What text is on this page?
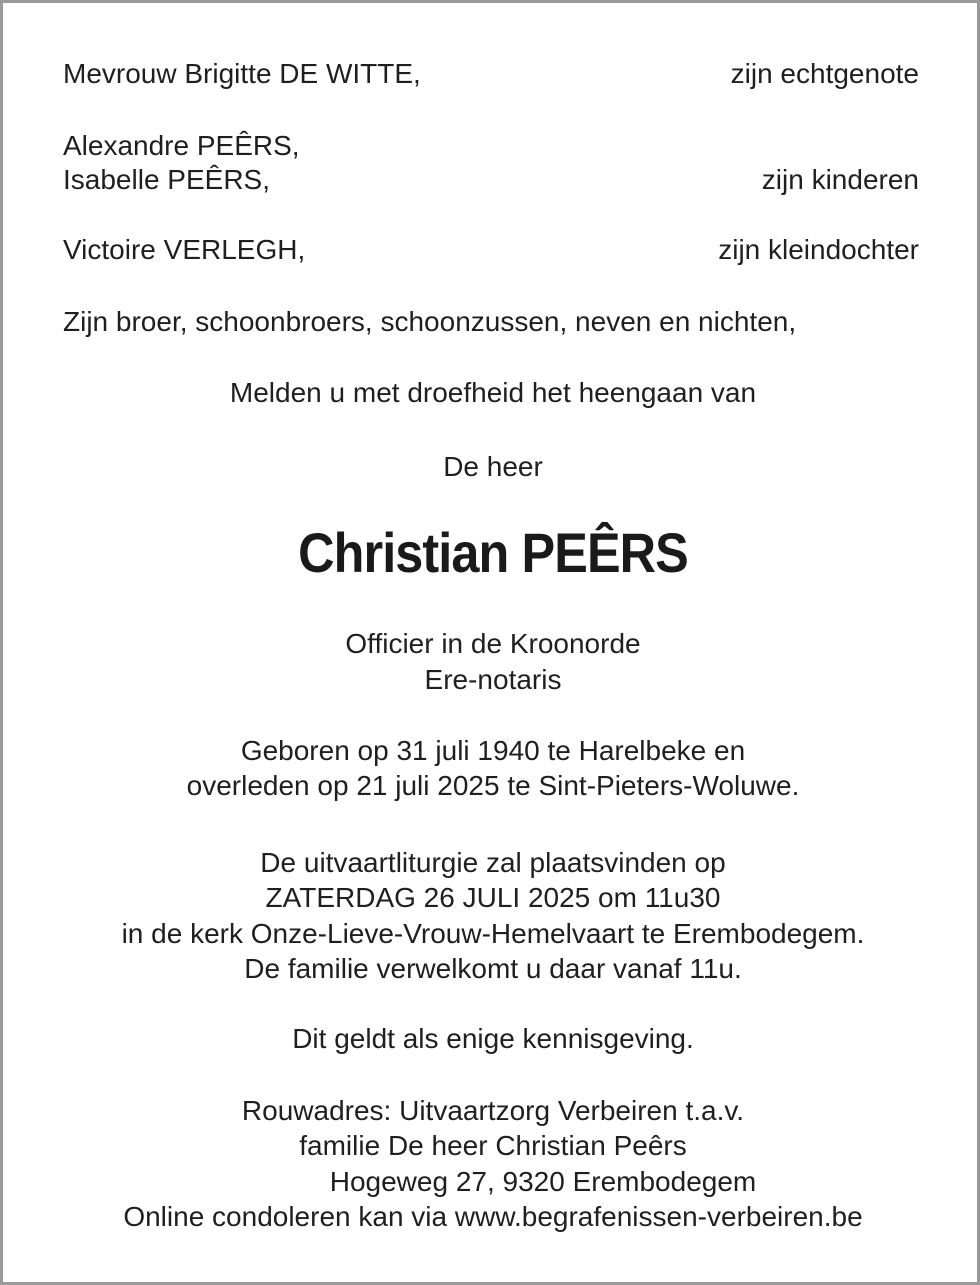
Mevrouw Brigitte DE WITTE,	zijn echtgenote

Alexandre PEÊRS,

Isabelle PEÊRS,	zijn kinderen
Victoire VERLEGH,	zijn kleindochter

Zijn broer, schoonbroers, schoonzussen, neven en nichten,

Melden u met droefheid het heengaan van

De heer

Christian PEÊRS

Officier in de Kroonorde

Ere-notaris

Geboren op 31 juli 1940 te Harelbeke en

overleden op 21 juli 2025 te Sint-Pieters-Woluwe.

De uitvaartliturgie zal plaatsvinden op

ZATERDAG 26 JULI 2025 om 11u30

in de kerk Onze-Lieve-Vrouw-Hemelvaart te Erembodegem.

De familie verwelkomt u daar vanaf 11u.

Dit geldt als enige kennisgeving.

Rouwadres: Uitvaartzorg Verbeiren t.a.v.

familie De heer Christian Peêrs

Hogeweg 27, 9320 Erembodegem

Online condoleren kan via www.begrafenissen-verbeiren.be
